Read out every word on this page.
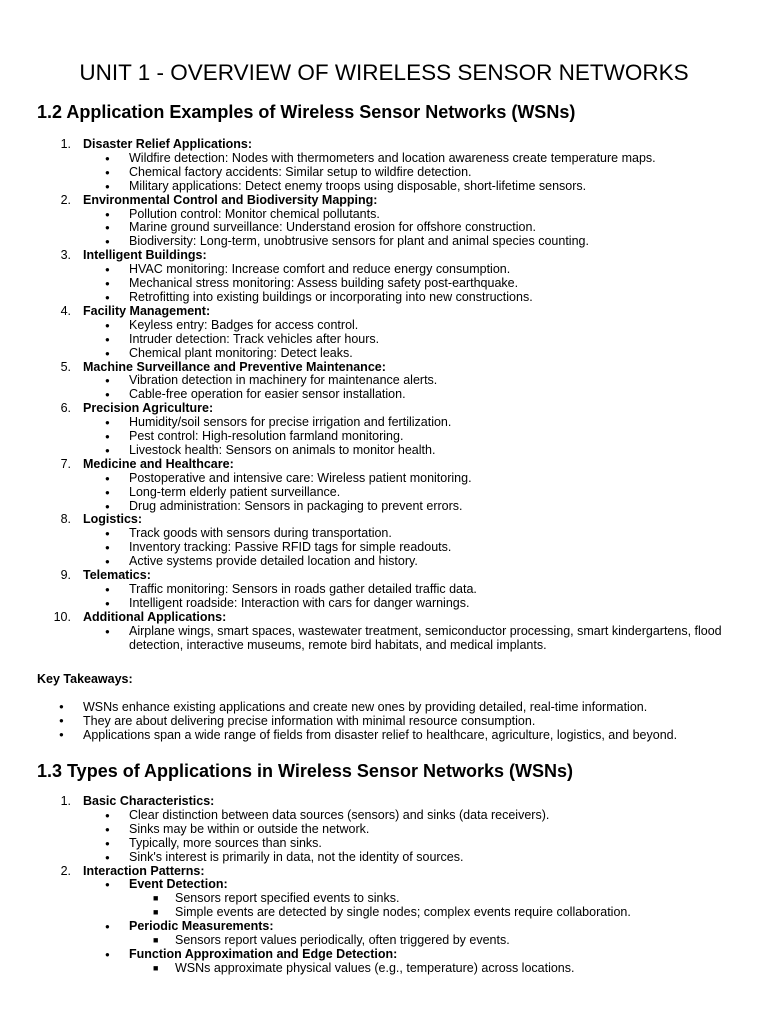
UNIT 1 - OVERVIEW OF WIRELESS SENSOR NETWORKS
1.2 Application Examples of Wireless Sensor Networks (WSNs)
1. Disaster Relief Applications:
● Wildfire detection: Nodes with thermometers and location awareness create temperature maps.
● Chemical factory accidents: Similar setup to wildfire detection.
● Military applications: Detect enemy troops using disposable, short-lifetime sensors.
2. Environmental Control and Biodiversity Mapping:
● Pollution control: Monitor chemical pollutants.
● Marine ground surveillance: Understand erosion for offshore construction.
● Biodiversity: Long-term, unobtrusive sensors for plant and animal species counting.
3. Intelligent Buildings:
● HVAC monitoring: Increase comfort and reduce energy consumption.
● Mechanical stress monitoring: Assess building safety post-earthquake.
● Retrofitting into existing buildings or incorporating into new constructions.
4. Facility Management:
● Keyless entry: Badges for access control.
● Intruder detection: Track vehicles after hours.
● Chemical plant monitoring: Detect leaks.
5. Machine Surveillance and Preventive Maintenance:
● Vibration detection in machinery for maintenance alerts.
● Cable-free operation for easier sensor installation.
6. Precision Agriculture:
● Humidity/soil sensors for precise irrigation and fertilization.
● Pest control: High-resolution farmland monitoring.
● Livestock health: Sensors on animals to monitor health.
7. Medicine and Healthcare:
● Postoperative and intensive care: Wireless patient monitoring.
● Long-term elderly patient surveillance.
● Drug administration: Sensors in packaging to prevent errors.
8. Logistics:
● Track goods with sensors during transportation.
● Inventory tracking: Passive RFID tags for simple readouts.
● Active systems provide detailed location and history.
9. Telematics:
● Traffic monitoring: Sensors in roads gather detailed traffic data.
● Intelligent roadside: Interaction with cars for danger warnings.
10. Additional Applications:
● Airplane wings, smart spaces, wastewater treatment, semiconductor processing, smart kindergartens, flood detection, interactive museums, remote bird habitats, and medical implants.
Key Takeaways:
● WSNs enhance existing applications and create new ones by providing detailed, real-time information.
● They are about delivering precise information with minimal resource consumption.
● Applications span a wide range of fields from disaster relief to healthcare, agriculture, logistics, and beyond.
1.3 Types of Applications in Wireless Sensor Networks (WSNs)
1. Basic Characteristics:
● Clear distinction between data sources (sensors) and sinks (data receivers).
● Sinks may be within or outside the network.
● Typically, more sources than sinks.
● Sink's interest is primarily in data, not the identity of sources.
2. Interaction Patterns:
● Event Detection:
■ Sensors report specified events to sinks.
■ Simple events are detected by single nodes; complex events require collaboration.
● Periodic Measurements:
■ Sensors report values periodically, often triggered by events.
● Function Approximation and Edge Detection:
■ WSNs approximate physical values (e.g., temperature) across locations.
